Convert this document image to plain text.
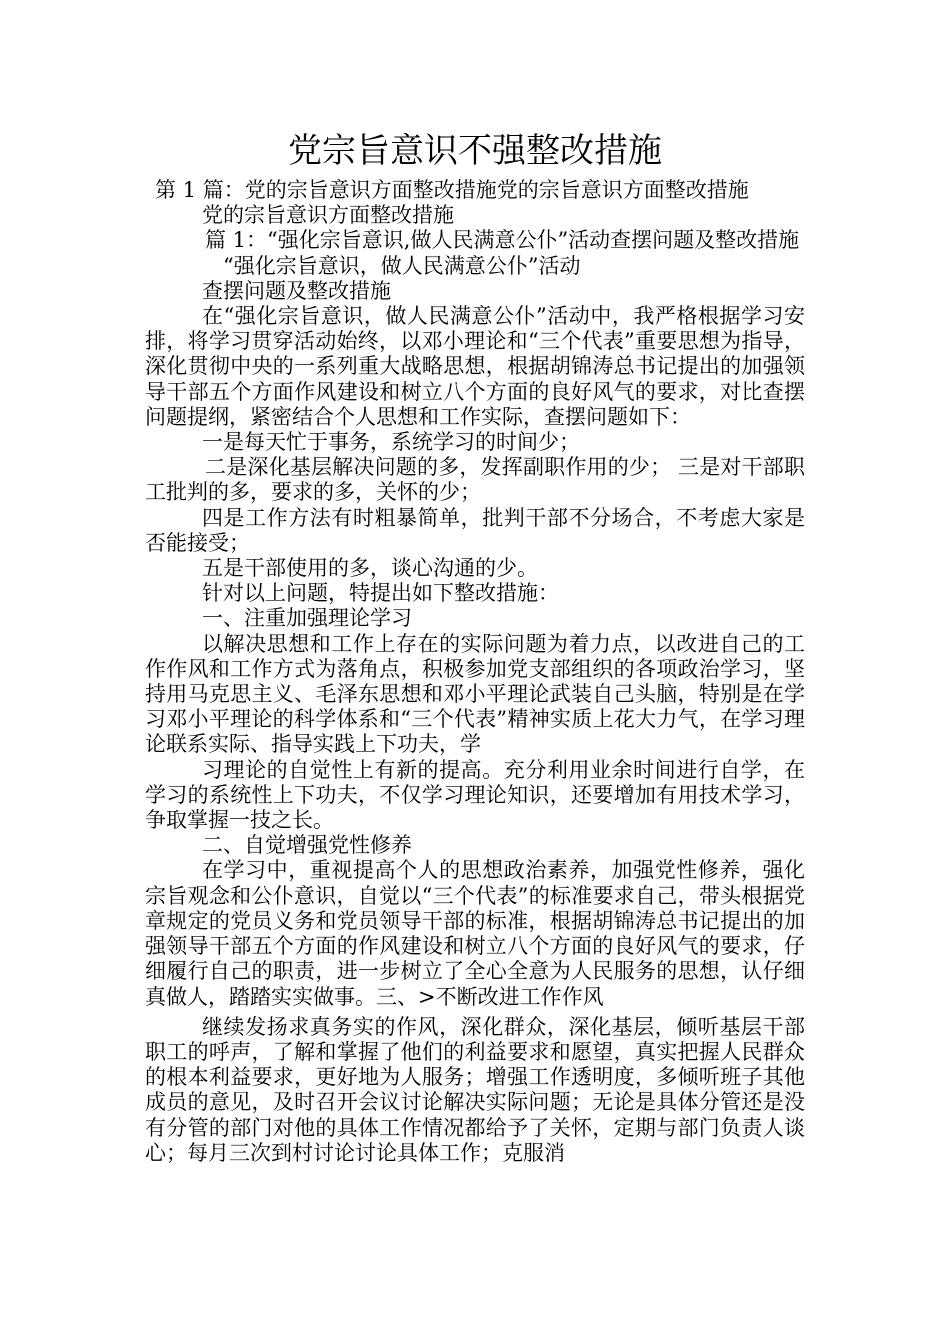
党宗旨意识不强整改措施

第 1 篇：党的宗旨意识方面整改措施党的宗旨意识方面整改措施

党的宗旨意识方面整改措施

篇 1：“强化宗旨意识,做人民满意公仆”活动查摆问题及整改措施

“强化宗旨意识，做人民满意公仆”活动

查摆问题及整改措施

在“强化宗旨意识，做人民满意公仆”活动中，我严格根据学习安排，将学习贯穿活动始终，以邓小理论和“三个代表”重要思想为指导，深化贯彻中央的一系列重大战略思想，根据胡锦涛总书记提出的加强领导干部五个方面作风建设和树立八个方面的良好风气的要求，对比查摆问题提纲，紧密结合个人思想和工作实际，查摆问题如下：

一是每天忙于事务，系统学习的时间少；

二是深化基层解决问题的多，发挥副职作用的少； 三是对干部职工批判的多，要求的多，关怀的少；

四是工作方法有时粗暴简单，批判干部不分场合，不考虑大家是否能接受；

五是干部使用的多，谈心沟通的少。

针对以上问题，特提出如下整改措施：

一、注重加强理论学习

以解决思想和工作上存在的实际问题为着力点，以改进自己的工作作风和工作方式为落角点，积极参加党支部组织的各项政治学习，坚持用马克思主义、毛泽东思想和邓小平理论武装自己头脑，特别是在学习邓小平理论的科学体系和“三个代表”精神实质上花大力气，在学习理论联系实际、指导实践上下功夫，学

习理论的自觉性上有新的提高。充分利用业余时间进行自学，在学习的系统性上下功夫，不仅学习理论知识，还要增加有用技术学习，争取掌握一技之长。

二、自觉增强党性修养

在学习中，重视提高个人的思想政治素养，加强党性修养，强化宗旨观念和公仆意识，自觉以“三个代表”的标准要求自己，带头根据党章规定的党员义务和党员领导干部的标准，根据胡锦涛总书记提出的加强领导干部五个方面的作风建设和树立八个方面的良好风气的要求，仔细履行自己的职责，进一步树立了全心全意为人民服务的思想，认仔细真做人，踏踏实实做事。三、>不断改进工作作风

继续发扬求真务实的作风，深化群众，深化基层，倾听基层干部职工的呼声，了解和掌握了他们的利益要求和愿望，真实把握人民群众的根本利益要求，更好地为人服务；增强工作透明度，多倾听班子其他成员的意见，及时召开会议讨论解决实际问题；无论是具体分管还是没有分管的部门对他的具体工作情况都给予了关怀，定期与部门负责人谈心；每月三次到村讨论讨论具体工作；克服消
